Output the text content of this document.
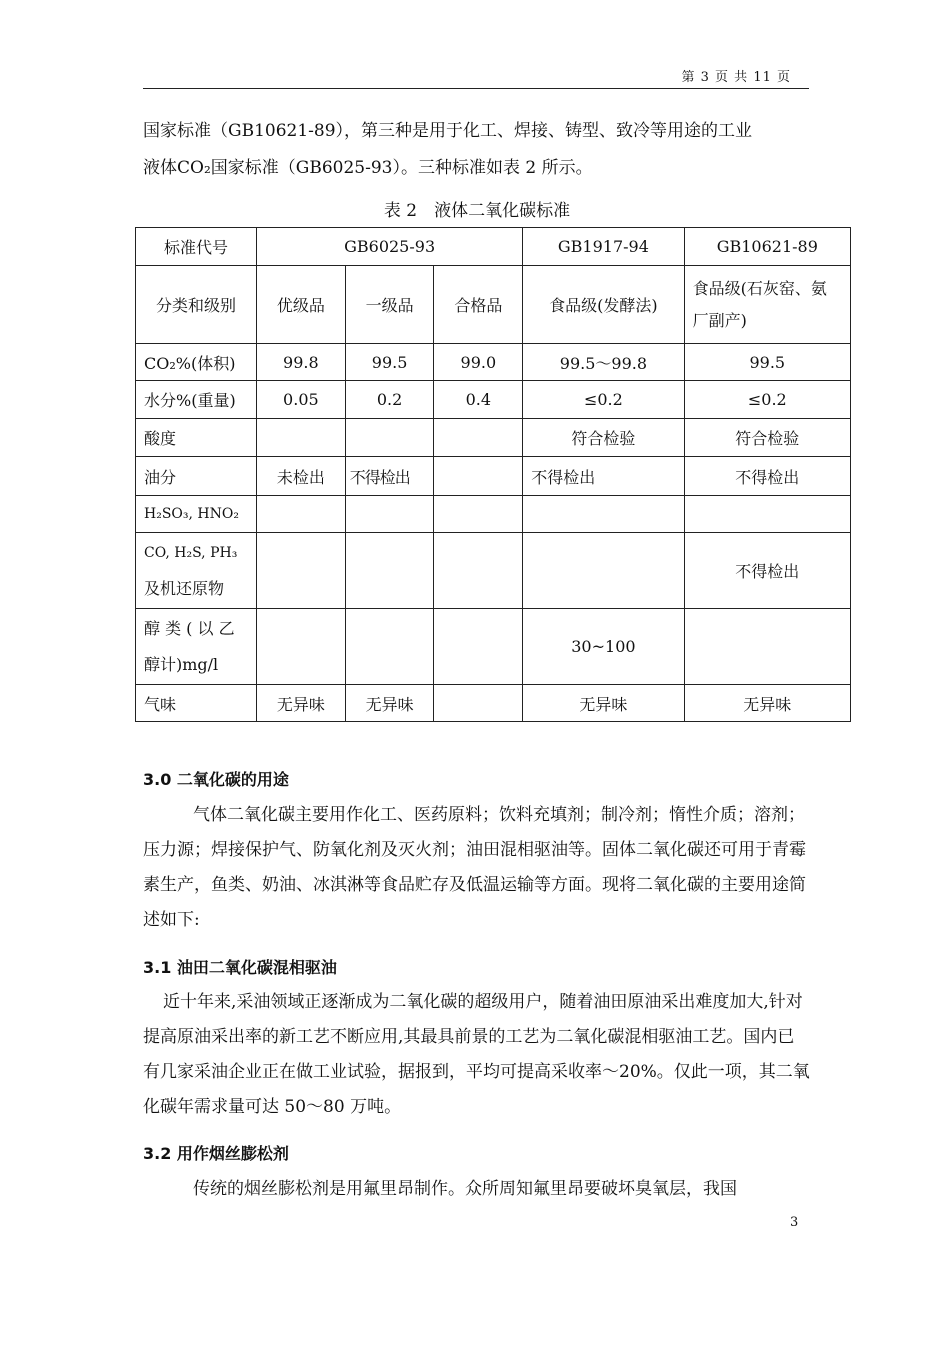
第 3 页 共 11 页

国家标准（GB10621-89），第三种是用于化工、焊接、铸型、致冷等用途的工业

液体CO₂国家标准（GB6025-93）。三种标准如表 2 所示。

表 2　液体二氧化碳标准

标准代号	GB6025-93			GB1917-94	GB10621-89
分类和级别	优级品	一级品	合格品	食品级(发酵法)	食品级(石灰窑、氨厂副产)
CO₂%(体积)	99.8	99.5	99.0	99.5～99.8	99.5
水分%(重量)	0.05	0.2	0.4	≤0.2	≤0.2
酸度				符合检验	符合检验
油分	未检出	不得检出		不得检出	不得检出
H₂SO₃, HNO₂					

CO, H₂S, PH₃
及机还原物					不得检出

醇 类 ( 以 乙
醇计)mg/l				30~100	
气味	无异味	无异味		无异味	无异味
3.0 二氧化碳的用途

气体二氧化碳主要用作化工、医药原料；饮料充填剂；制冷剂；惰性介质；溶剂；压力源；焊接保护气、防氧化剂及灭火剂；油田混相驱油等。固体二氧化碳还可用于青霉素生产，鱼类、奶油、冰淇淋等食品贮存及低温运输等方面。现将二氧化碳的主要用途简述如下:

3.1 油田二氧化碳混相驱油

近十年来,采油领域正逐渐成为二氧化碳的超级用户，随着油田原油采出难度加大,针对提高原油采出率的新工艺不断应用,其最具前景的工艺为二氧化碳混相驱油工艺。国内已有几家采油企业正在做工业试验，据报到，平均可提高采收率～20%。仅此一项，其二氧化碳年需求量可达 50～80 万吨。

3.2 用作烟丝膨松剂

传统的烟丝膨松剂是用氟里昂制作。众所周知氟里昂要破坏臭氧层，我国

3
